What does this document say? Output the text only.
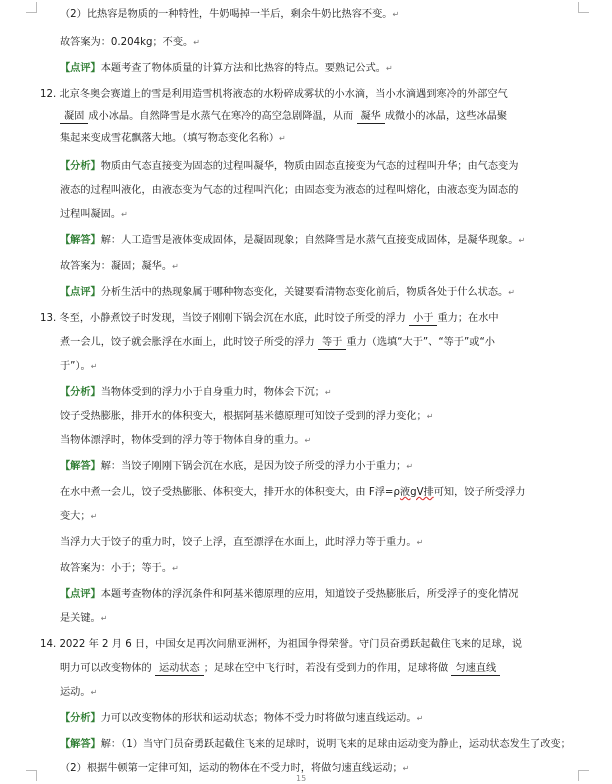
（2）比热容是物质的一种特性，牛奶喝掉一半后，剩余牛奶比热容不变。↵
故答案为：0.204kg；不变。↵
【点评】本题考查了物体质量的计算方法和比热容的特点。要熟记公式。↵
12. 北京冬奥会赛道上的雪是利用造雪机将液态的水粉碎成雾状的小水滴，当小水滴遇到寒冷的外部空气
凝固 成小冰晶。自然降雪是水蒸气在寒冷的高空急剧降温，从而 凝华 成微小的冰晶，这些冰晶聚
集起来变成雪花飘落大地。（填写物态变化名称）↵
【分析】物质由气态直接变为固态的过程叫凝华，物质由固态直接变为气态的过程叫升华；由气态变为
液态的过程叫液化，由液态变为气态的过程叫汽化；由固态变为液态的过程叫熔化，由液态变为固态的
过程叫凝固。↵
【解答】解：人工造雪是液体变成固体，是凝固现象；自然降雪是水蒸气直接变成固体，是凝华现象。↵
故答案为：凝固；凝华。↵
【点评】分析生活中的热现象属于哪种物态变化，关键要看清物态变化前后，物质各处于什么状态。↵
13. 冬至，小静煮饺子时发现，当饺子刚刚下锅会沉在水底，此时饺子所受的浮力 小于 重力；在水中
煮一会儿，饺子就会胀浮在水面上，此时饺子所受的浮力 等于 重力（选填“大于”、“等于”或“小
于”）。↵
【分析】当物体受到的浮力小于自身重力时，物体会下沉；↵
饺子受热膨胀，排开水的体积变大，根据阿基米德原理可知饺子受到的浮力变化；↵
当物体漂浮时，物体受到的浮力等于物体自身的重力。↵
【解答】解：当饺子刚刚下锅会沉在水底，是因为饺子所受的浮力小于重力；↵
在水中煮一会儿，饺子受热膨胀、体积变大，排开水的体积变大，由 F浮=ρ液gV排可知，饺子所受浮力
变大；↵
当浮力大于饺子的重力时，饺子上浮，直至漂浮在水面上，此时浮力等于重力。↵
故答案为：小于；等于。↵
【点评】本题考查物体的浮沉条件和阿基米德原理的应用，知道饺子受热膨胀后，所受浮子的变化情况
是关键。↵
14. 2022 年 2 月 6 日，中国女足再次问鼎亚洲杯，为祖国争得荣誉。守门员奋勇跃起截住飞来的足球，说
明力可以改变物体的 运动状态 ；足球在空中飞行时，若没有受到力的作用，足球将做 匀速直线
运动。↵
【分析】力可以改变物体的形状和运动状态；物体不受力时将做匀速直线运动。↵
【解答】解：（1）当守门员奋勇跃起截住飞来的足球时，说明飞来的足球由运动变为静止，运动状态发生了改变；
（2）根据牛顿第一定律可知，运动的物体在不受力时，将做匀速直线运动；↵
15
